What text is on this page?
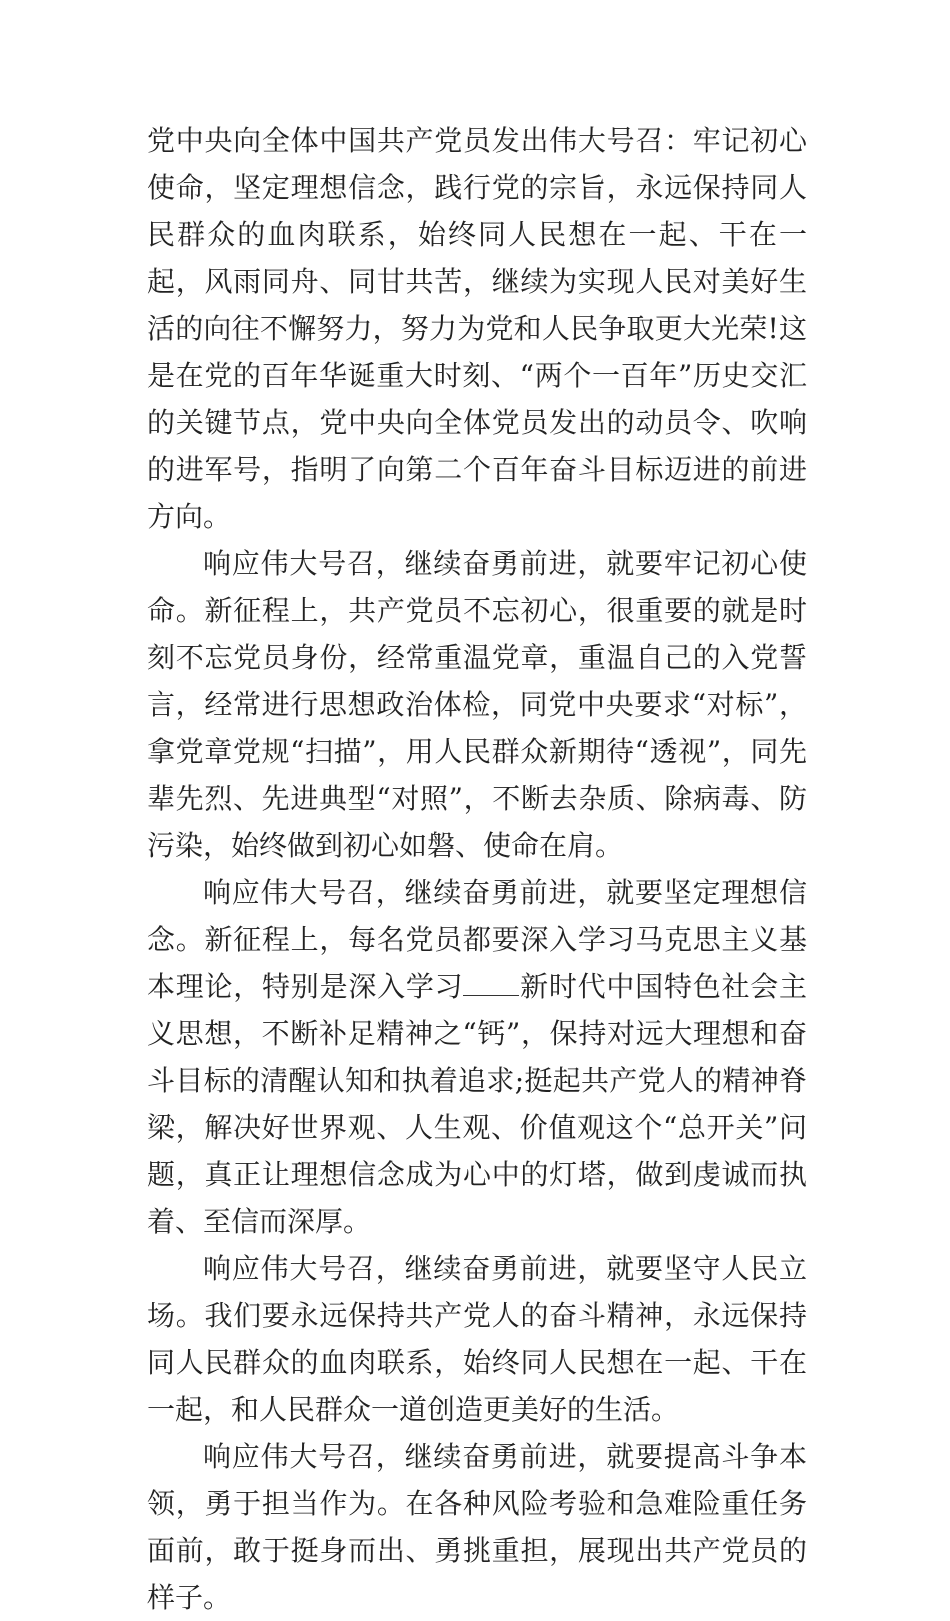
党中央向全体中国共产党员发出伟大号召：牢记初心使命，坚定理想信念，践行党的宗旨，永远保持同人民群众的血肉联系，始终同人民想在一起、干在一起，风雨同舟、同甘共苦，继续为实现人民对美好生活的向往不懈努力，努力为党和人民争取更大光荣!这是在党的百年华诞重大时刻、“两个一百年”历史交汇的关键节点，党中央向全体党员发出的动员令、吹响的进军号，指明了向第二个百年奋斗目标迈进的前进方向。

响应伟大号召，继续奋勇前进，就要牢记初心使命。新征程上，共产党员不忘初心，很重要的就是时刻不忘党员身份，经常重温党章，重温自己的入党誓言，经常进行思想政治体检，同党中央要求“对标”，拿党章党规“扫描”，用人民群众新期待“透视”，同先辈先烈、先进典型“对照”，不断去杂质、除病毒、防污染，始终做到初心如磐、使命在肩。

响应伟大号召，继续奋勇前进，就要坚定理想信念。新征程上，每名党员都要深入学习马克思主义基本理论，特别是深入学习 新时代中国特色社会主义思想，不断补足精神之“钙”，保持对远大理想和奋斗目标的清醒认知和执着追求;挺起共产党人的精神脊梁，解决好世界观、人生观、价值观这个“总开关”问题，真正让理想信念成为心中的灯塔，做到虔诚而执着、至信而深厚。

响应伟大号召，继续奋勇前进，就要坚守人民立场。我们要永远保持共产党人的奋斗精神，永远保持同人民群众的血肉联系，始终同人民想在一起、干在一起，和人民群众一道创造更美好的生活。

响应伟大号召，继续奋勇前进，就要提高斗争本领，勇于担当作为。在各种风险考验和急难险重任务面前，敢于挺身而出、勇挑重担，展现出共产党员的样子。
